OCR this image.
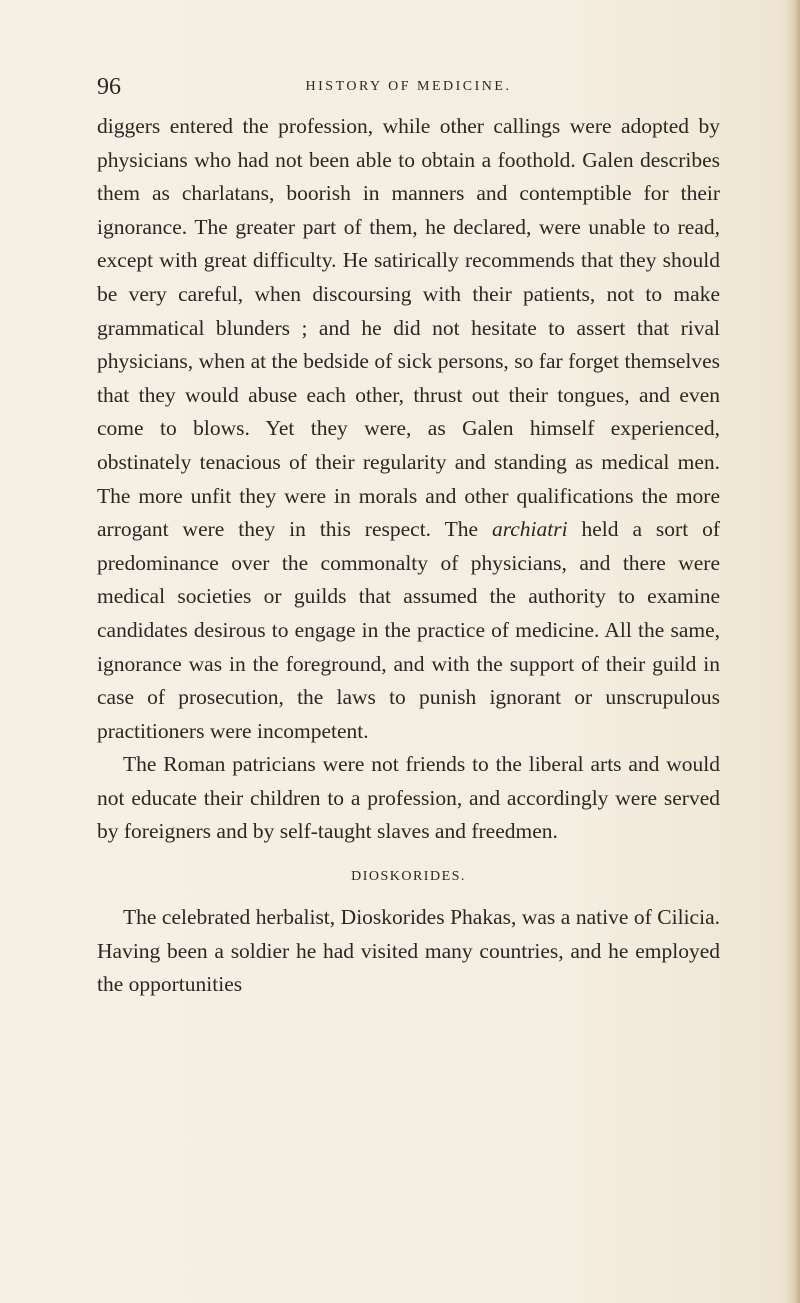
96	HISTORY OF MEDICINE.

diggers entered the profession, while other callings were adopted by physicians who had not been able to obtain a foothold. Galen describes them as charlatans, boorish in manners and contemptible for their ignorance. The greater part of them, he declared, were unable to read, except with great difficulty. He satirically recommends that they should be very careful, when discoursing with their patients, not to make grammatical blunders ; and he did not hesitate to assert that rival physicians, when at the bedside of sick persons, so far forget themselves that they would abuse each other, thrust out their tongues, and even come to blows. Yet they were, as Galen himself experienced, obstinately tenacious of their regularity and standing as medical men. The more unfit they were in morals and other qualifications the more arrogant were they in this respect. The archiatri held a sort of predominance over the commonalty of physicians, and there were medical societies or guilds that assumed the authority to examine candidates desirous to engage in the practice of medicine. All the same, ignorance was in the foreground, and with the support of their guild in case of prosecution, the laws to punish ignorant or unscrupulous practitioners were incompetent.

The Roman patricians were not friends to the liberal arts and would not educate their children to a profession, and accordingly were served by foreigners and by self-taught slaves and freedmen.

DIOSKORIDES.

The celebrated herbalist, Dioskorides Phakas, was a native of Cilicia. Having been a soldier he had visited many countries, and he employed the opportunities
